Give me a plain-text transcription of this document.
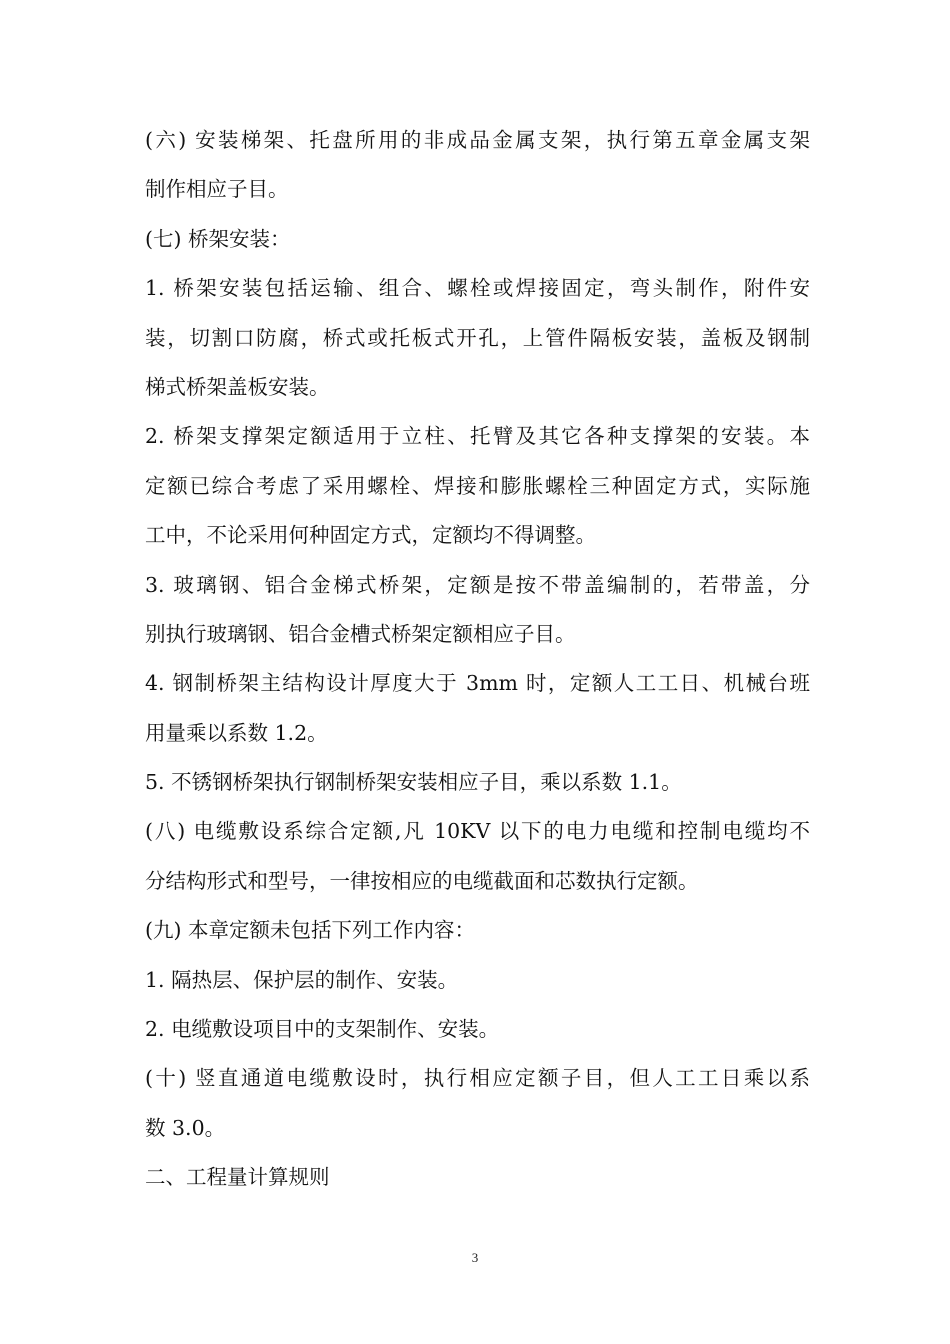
(六) 安装梯架、托盘所用的非成品金属支架，执行第五章金属支架
制作相应子目。
(七) 桥架安装：
1. 桥架安装包括运输、组合、螺栓或焊接固定，弯头制作，附件安
装，切割口防腐，桥式或托板式开孔，上管件隔板安装，盖板及钢制
梯式桥架盖板安装。
2. 桥架支撑架定额适用于立柱、托臂及其它各种支撑架的安装。本
定额已综合考虑了采用螺栓、焊接和膨胀螺栓三种固定方式，实际施
工中，不论采用何种固定方式，定额均不得调整。
3. 玻璃钢、铝合金梯式桥架，定额是按不带盖编制的，若带盖，分
别执行玻璃钢、铝合金槽式桥架定额相应子目。
4. 钢制桥架主结构设计厚度大于 3mm 时，定额人工工日、机械台班
用量乘以系数 1.2。
5. 不锈钢桥架执行钢制桥架安装相应子目，乘以系数 1.1。
(八) 电缆敷设系综合定额,凡 10KV 以下的电力电缆和控制电缆均不
分结构形式和型号，一律按相应的电缆截面和芯数执行定额。
(九) 本章定额未包括下列工作内容：
1. 隔热层、保护层的制作、安装。
2. 电缆敷设项目中的支架制作、安装。
(十) 竖直通道电缆敷设时，执行相应定额子目，但人工工日乘以系
数 3.0。
二、工程量计算规则
3
